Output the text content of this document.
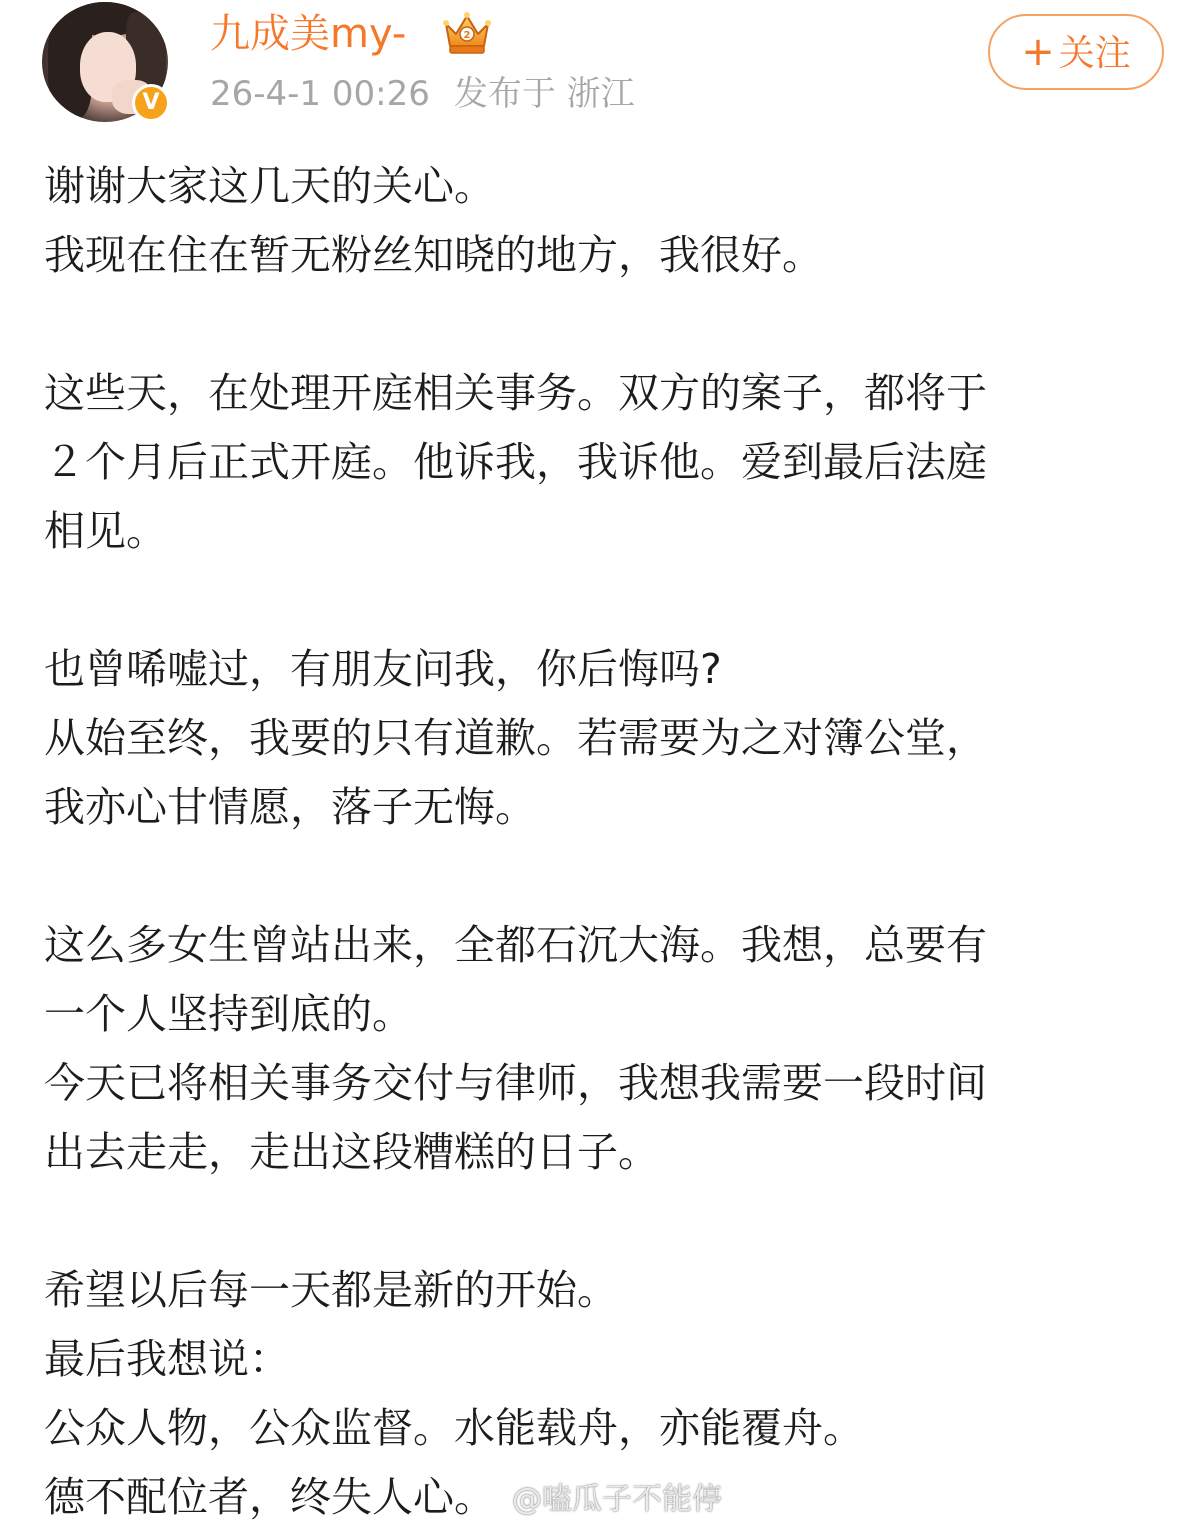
V
九成美my-	2
26-4-1 00:26 发布于 浙江
+ 关注

谢谢大家这几天的关心。

我现在住在暂无粉丝知晓的地方，我很好。

这些天，在处理开庭相关事务。双方的案子，都将于

２个月后正式开庭。他诉我，我诉他。爱到最后法庭

相见。

也曾唏嘘过，有朋友问我，你后悔吗?

从始至终，我要的只有道歉。若需要为之对簿公堂，

我亦心甘情愿，落子无悔。

这么多女生曾站出来，全都石沉大海。我想，总要有

一个人坚持到底的。

今天已将相关事务交付与律师，我想我需要一段时间

出去走走，走出这段糟糕的日子。

希望以后每一天都是新的开始。

最后我想说：

公众人物，公众监督。水能载舟，亦能覆舟。

德不配位者，终失人心。 @嗑瓜子不能停
